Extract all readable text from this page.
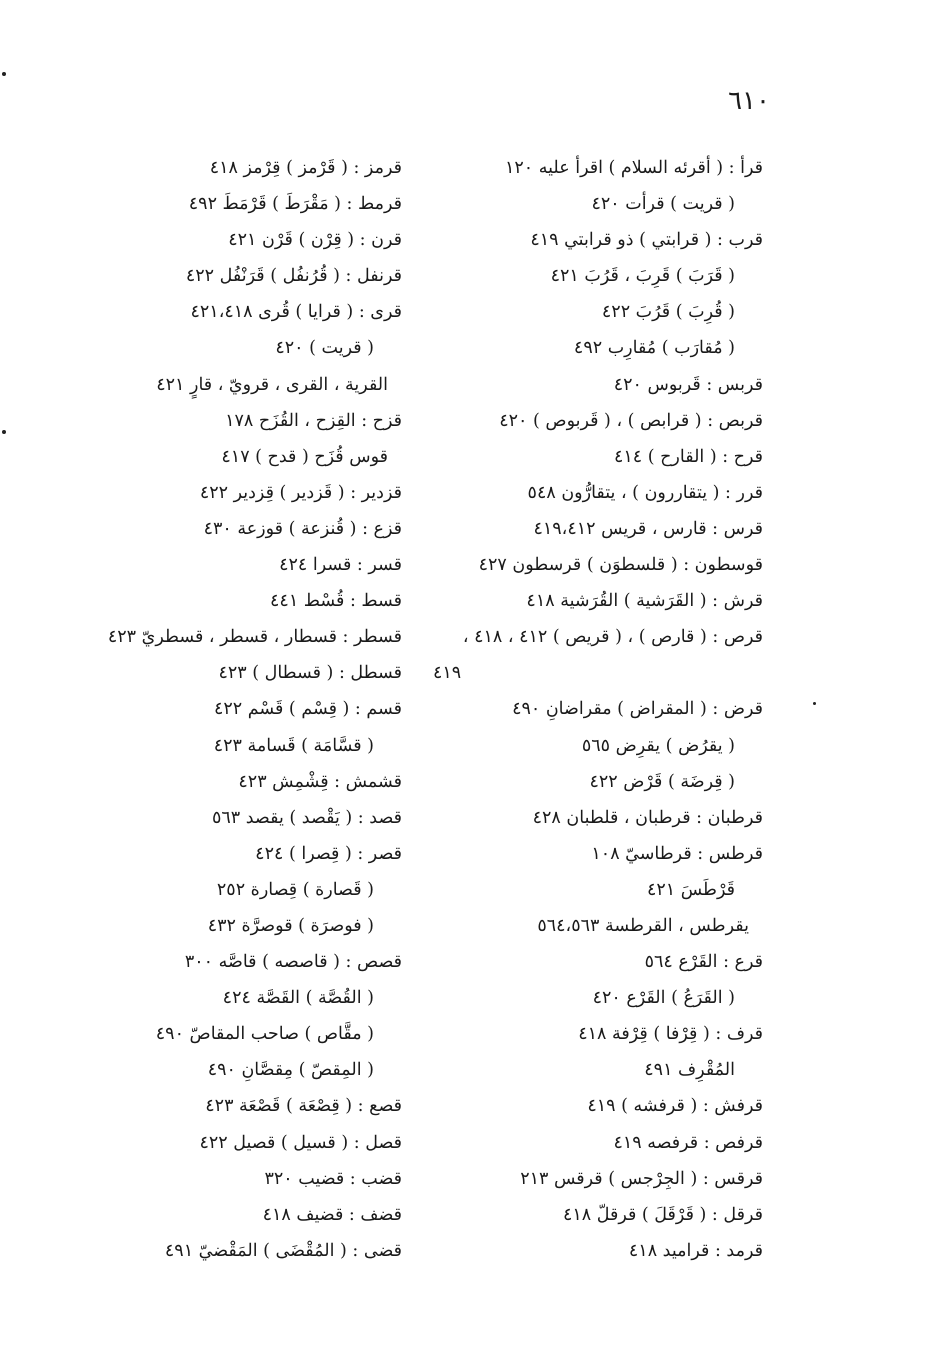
٦١٠
قرأ : ( أقرئه السلام ) اقرأ عليه ١٢٠
( قريت ) قرأت ٤٢٠
قرب : ( قرابتي ) ذو قرابتي ٤١٩
( قَرَبَ ) قَرِبَ ، قَرُبَ ٤٢١
( قُرِبَ ) قَرُبَ ٤٢٢
( مُقارَب ) مُقارِب ٤٩٢
قربس : قَربوس ٤٢٠
قربص : ( قرابص ) ، ( قَربوص ) ٤٢٠
قرح : ( القارح ) ٤١٤
قرر : ( يتقاررون ) ، يتقارُّون ٥٤٨
قرس : قارس ، قريس ٤١٩،٤١٢
قوسطون : ( قلسطوَن ) قرسطون ٤٢٧
قرش : ( القَرَشية ) القُرَشية ٤١٨
قرص : ( قارص ) ، ( قريص ) ٤١٢ ، ٤١٨ ،
٤١٩
قرض : ( المقراض ) مقراضانِ ٤٩٠
( يقرُض ) يقرِض ٥٦٥
( قِرضَة ) قَرْض ٤٢٢
قرطبان : قرطبان ، قلطبان ٤٢٨
قرطس : قرطاسيّ ١٠٨
قَرْطَسَ ٤٢١
يقرطس ، القرطسة ٥٦٤،٥٦٣
قرع : القَرْع ٥٦٤
( القَرَعُ ) القَرْع ٤٢٠
قرف : ( قِرْفا ) قِرْفة ٤١٨
المُقْرِف ٤٩١
قرفش : ( قرفشه ) ٤١٩
قرفص : قرفصه ٤١٩
قرقس : ( الجِرْجس ) قرقس ٢١٣
قرقل : ( قَرْقَلَ ) قرقلّ ٤١٨
قرمد : قراميد ٤١٨
قرمز : ( قَرْمز ) قِرْمز ٤١٨
قرمط : ( مَقْرَطَ ) قَرْمَطَ ٤٩٢
قرن : ( قِرْن ) قَرْن ٤٢١
قرنفل : ( قُرُنفُل ) قَرَنْفُل ٤٢٢
قرى : ( قرايا ) قُرى ٤٢١،٤١٨
( قريت ) ٤٢٠
القرية ، القرى ، قرويّ ، قارٍ ٤٢١
قزح : القِزح ، القُزَح ١٧٨
قوس قُزَح ( قدح ) ٤١٧
قزدير : ( قَزدير ) قِزدير ٤٢٢
قزع : ( قُنزعة ) قوزعة ٤٣٠
قسر : قسرا ٤٢٤
قسط : قُسْط ٤٤١
قسطر : قسطار ، قسطر ، قسطريّ ٤٢٣
قسطل : ( قسطال ) ٤٢٣
قسم : ( قِسْم ) قَسْم ٤٢٢
( قسَّامَة ) قَسامة ٤٢٣
قشمش : قِشْمِش ٤٢٣
قصد : ( يَقْصد ) يقصد ٥٦٣
قصر : ( قِصرا ) ٤٢٤
( قَصارة ) قِصارة ٢٥٢
( فوصرَة ) قوصرَّة ٤٣٢
قصص : ( قاصصه ) قاصَّه ٣٠٠
( القُصَّة ) القَصَّة ٤٢٤
( مقَّاص ) صاحب المقاصّ ٤٩٠
( المِقصّ ) مِقصَّانِ ٤٩٠
قصع : ( قِصْعَة ) قَصْعَة ٤٢٣
قصل : ( قسيل ) قصيل ٤٢٢
قضب : قضيب ٣٢٠
قضف : قضيف ٤١٨
قضى : ( المُقْضَى ) المَقْضيّ ٤٩١
